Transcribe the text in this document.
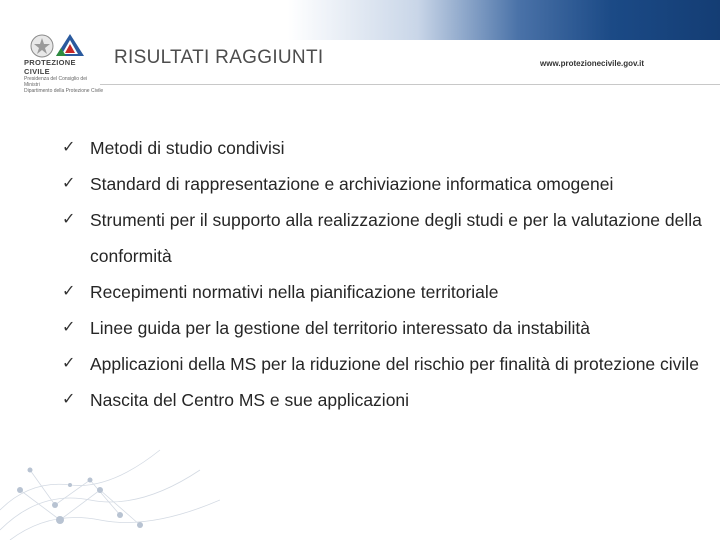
PROTEZIONE CIVILE
Presidenza del Consiglio dei Ministri
Dipartimento della Protezione Civile
RISULTATI RAGGIUNTI	www.protezionecivile.gov.it
✓ Metodi di studio condivisi
✓ Standard di rappresentazione e archiviazione informatica omogenei
✓ Strumenti per il supporto alla realizzazione degli studi e per la valutazione della conformità
✓ Recepimenti normativi nella pianificazione territoriale
✓ Linee guida per la gestione del territorio interessato da instabilità
✓ Applicazioni della MS per la riduzione del rischio per finalità di protezione civile
✓ Nascita del Centro MS e sue applicazioni
